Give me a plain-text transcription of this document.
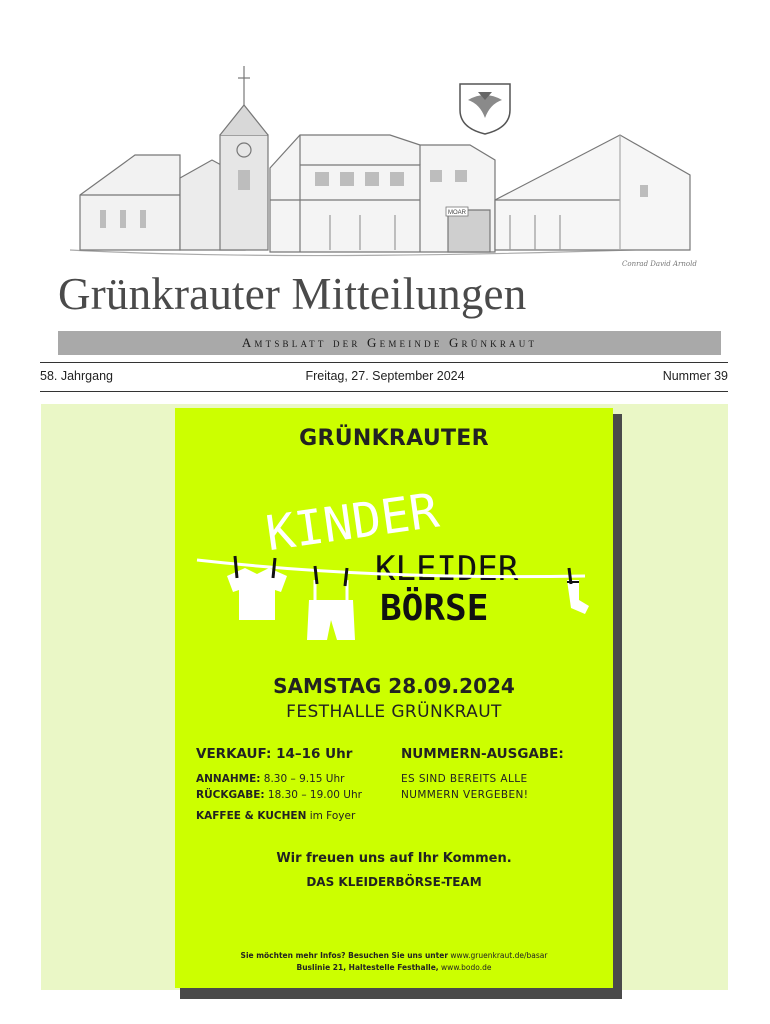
MOAR
Conrad David Arnold
Grünkrauter Mitteilungen
Amtsblatt der Gemeinde Grünkraut
58. Jahrgang	Freitag, 27. September 2024	Nummer 39
GRÜNKRAUTER
KINDER
KLEIDER
BÖRSE
SAMSTAG 28.09.2024
FESTHALLE GRÜNKRAUT
VERKAUF: 14–16 Uhr
ANNAHME: 8.30 – 9.15 Uhr
RÜCKGABE: 18.30 – 19.00 Uhr
KAFFEE & KUCHEN im Foyer
NUMMERN-AUSGABE:
ES SIND BEREITS ALLE
NUMMERN VERGEBEN!
Wir freuen uns auf Ihr Kommen.
DAS KLEIDERBÖRSE-TEAM
Sie möchten mehr Infos? Besuchen Sie uns unter www.gruenkraut.de/basar
Buslinie 21, Haltestelle Festhalle, www.bodo.de
